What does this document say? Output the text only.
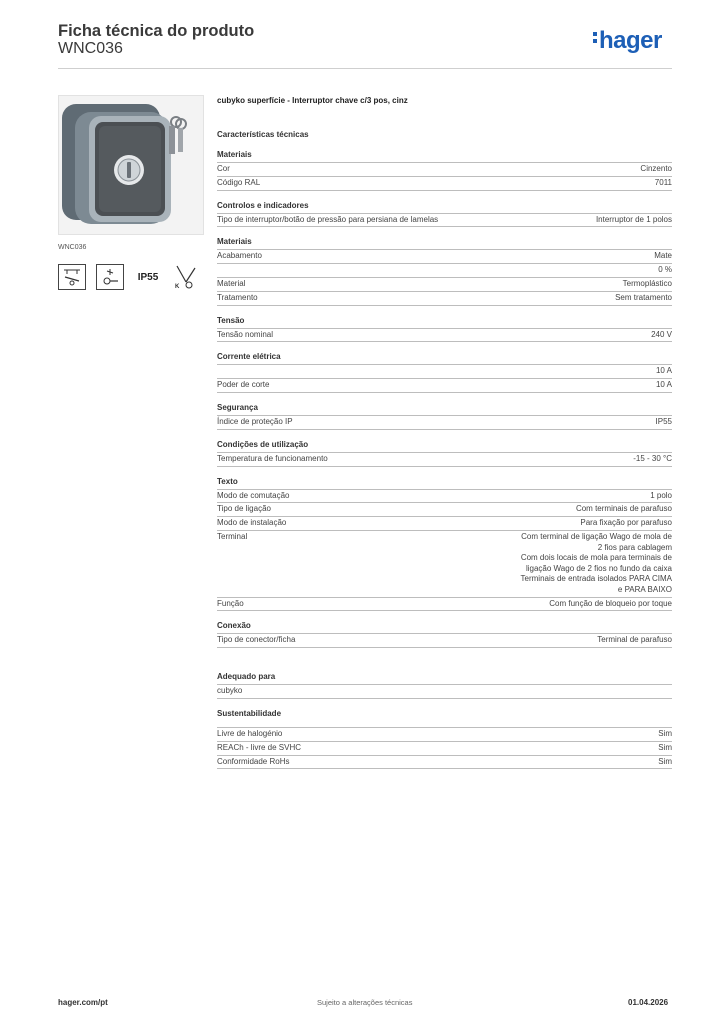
Ficha técnica do produto
WNC036	hager
WNC036
IP55
K
cubyko superfície - Interruptor chave c/3 pos, cinz
Características técnicas
Materiais
Cor	Cinzento
Código RAL	7011
Controlos e indicadores
Tipo de interruptor/botão de pressão para persiana de lamelas	Interruptor de 1 polos
Materiais
Acabamento	Mate
0 %
Material	Termoplástico
Tratamento	Sem tratamento
Tensão
Tensão nominal	240 V
Corrente elétrica
10 A
Poder de corte	10 A
Segurança
Índice de proteção IP	IP55
Condições de utilização
Temperatura de funcionamento	-15 - 30 °C
Texto
Modo de comutação	1 polo
Tipo de ligação	Com terminais de parafuso
Modo de instalação	Para fixação por parafuso
Terminal	Com terminal de ligação Wago de mola de
2 fios para cablagem
Com dois locais de mola para terminais de
ligação Wago de 2 fios no fundo da caixa
Terminais de entrada isolados PARA CIMA
e PARA BAIXO
Função	Com função de bloqueio por toque
Conexão
Tipo de conector/ficha	Terminal de parafuso
Adequado para
cubyko
Sustentabilidade
Livre de halogénio	Sim
REACh - livre de SVHC	Sim
Conformidade RoHs	Sim
hager.com/pt	Sujeito a alterações técnicas	01.04.2026
